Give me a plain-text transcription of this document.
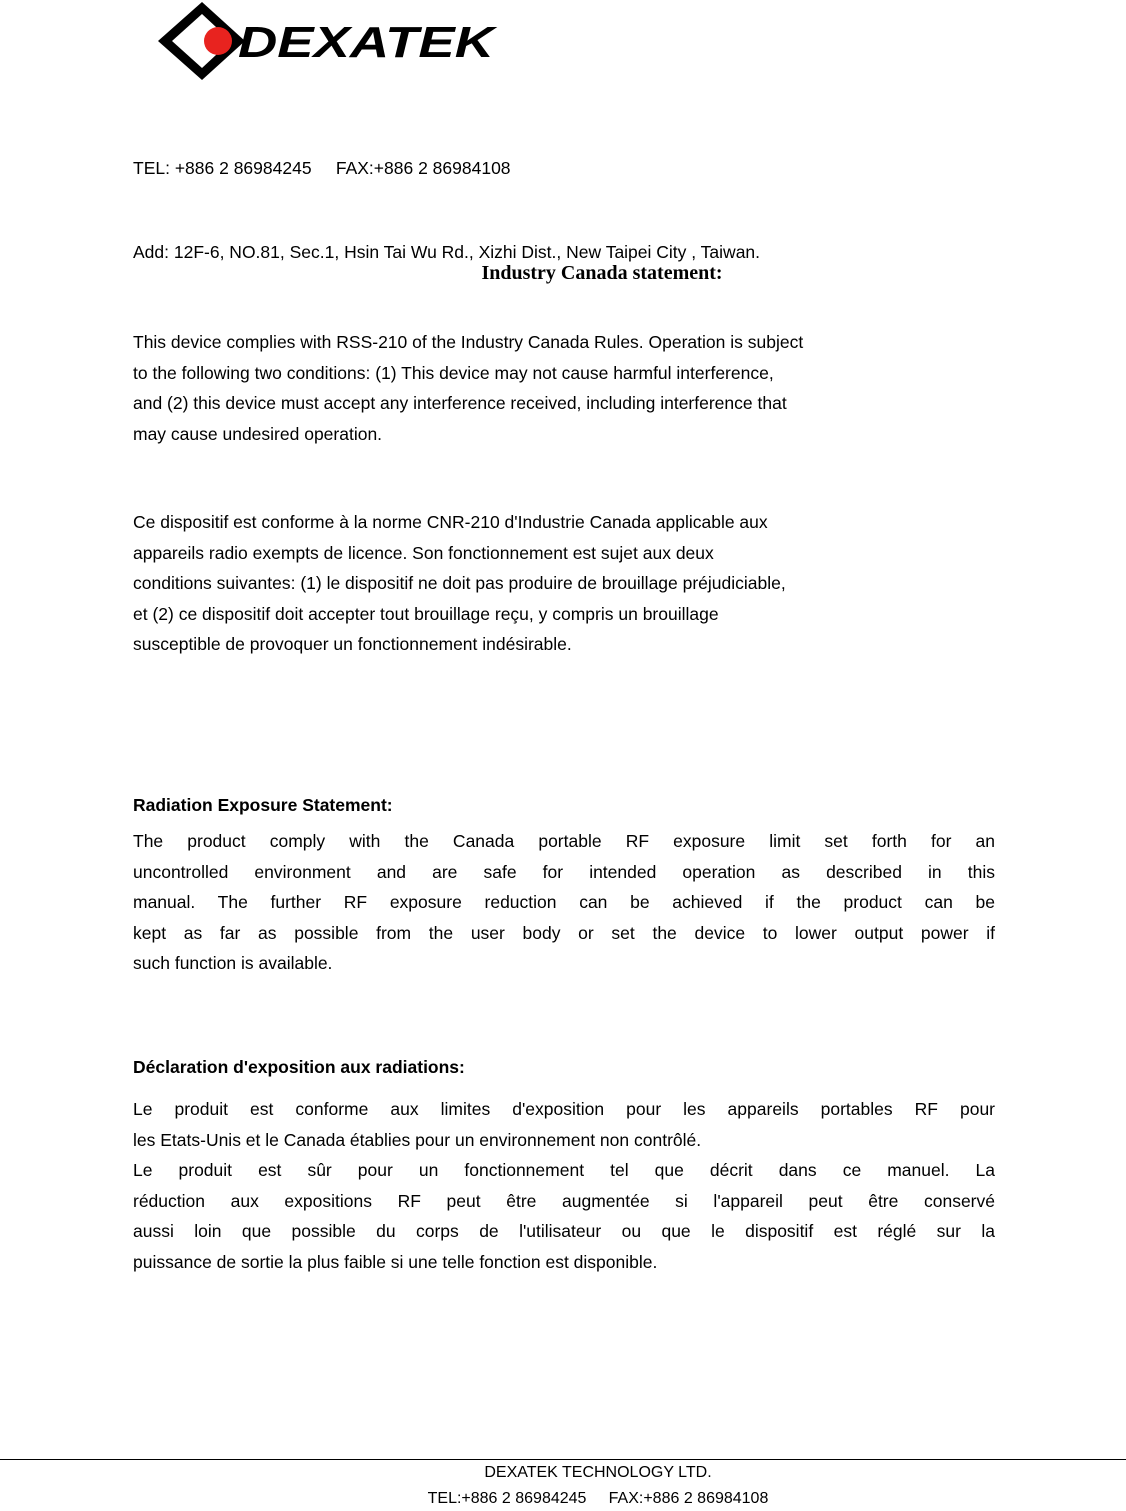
DEXATEK

TEL: +886 2 86984245     FAX:+886 2 86984108

Add: 12F-6, NO.81, Sec.1, Hsin Tai Wu Rd., Xizhi Dist., New Taipei City , Taiwan.

Industry Canada statement:
This device complies with RSS-210 of the Industry Canada Rules. Operation is subject
to the following two conditions: (1) This device may not cause harmful interference,
and (2) this device must accept any interference received, including interference that
may cause undesired operation.
Ce dispositif est conforme à la norme CNR-210 d'Industrie Canada applicable aux
appareils radio exempts de licence. Son fonctionnement est sujet aux deux
conditions suivantes: (1) le dispositif ne doit pas produire de brouillage préjudiciable,
et (2) ce dispositif doit accepter tout brouillage reçu, y compris un brouillage
susceptible de provoquer un fonctionnement indésirable.
Radiation Exposure Statement:
The product comply with the Canada portable RF exposure limit set forth for an
uncontrolled environment and are safe for intended operation as described in this
manual. The further RF exposure reduction can be achieved if the product can be
kept as far as possible from the user body or set the device to lower output power if
such function is available.
Déclaration d'exposition aux radiations:
Le produit est conforme aux limites d'exposition pour les appareils portables RF pour
les Etats-Unis et le Canada établies pour un environnement non contrôlé.
Le produit est sûr pour un fonctionnement tel que décrit dans ce manuel. La
réduction aux expositions RF peut être augmentée si l'appareil peut être conservé
aussi loin que possible du corps de l'utilisateur ou que le dispositif est réglé sur la
puissance de sortie la plus faible si une telle fonction est disponible.
DEXATEK TECHNOLOGY LTD.
TEL:+886 2 86984245     FAX:+886 2 86984108
